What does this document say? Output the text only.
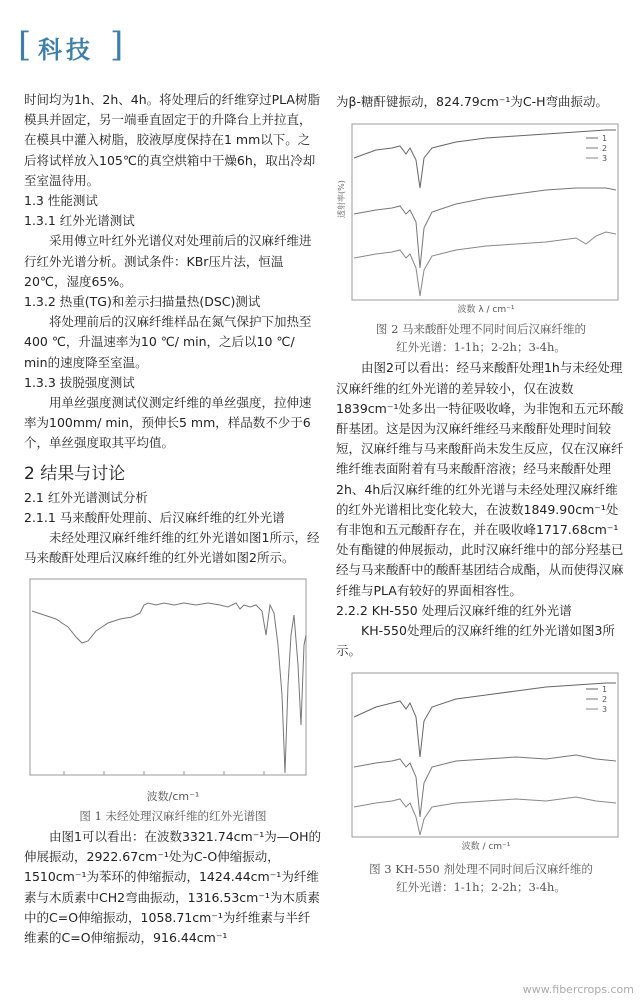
[ 科技 ]

时间均为1h、2h、4h。将处理后的纤维穿过PLA树脂模具并固定，另一端垂直固定于的升降台上并拉直，在模具中灌入树脂，胶液厚度保持在1 mm以下。之后将试样放入105℃的真空烘箱中干燥6h，取出冷却至室温待用。

1.3 性能测试

1.3.1 红外光谱测试

采用傅立叶红外光谱仪对处理前后的汉麻纤维进行红外光谱分析。测试条件：KBr压片法，恒温20℃，湿度65%。

1.3.2 热重(TG)和差示扫描量热(DSC)测试

将处理前后的汉麻纤维样品在氮气保护下加热至400 ℃，升温速率为10 ℃/ min，之后以10 ℃/ min的速度降至室温。

1.3.3 拔脱强度测试

用单丝强度测试仪测定纤维的单丝强度，拉伸速率为100mm/ min，预伸长5 mm，样品数不少于6个，单丝强度取其平均值。

2 结果与讨论

2.1 红外光谱测试分析

2.1.1 马来酸酐处理前、后汉麻纤维的红外光谱

未经处理汉麻纤维纤维的红外光谱如图1所示，经马来酸酐处理后汉麻纤维的红外光谱如图2所示。

波数/cm⁻¹

图 1 未经处理汉麻纤维的红外光谱图

由图1可以看出：在波数3321.74cm⁻¹为—OH的伸展振动，2922.67cm⁻¹处为C-O伸缩振动，1510cm⁻¹为苯环的伸缩振动，1424.44cm⁻¹为纤维素与木质素中CH2弯曲振动，1316.53cm⁻¹为木质素中的C=O伸缩振动，1058.71cm⁻¹为纤维素与半纤维素的C=O伸缩振动，916.44cm⁻¹

为β-糖酐键振动，824.79cm⁻¹为C-H弯曲振动。

透射率(%)
1
2
3
波数 λ / cm⁻¹

图 2 马来酸酐处理不同时间后汉麻纤维的

红外光谱：1-1h；2-2h；3-4h。

由图2可以看出：经马来酸酐处理1h与未经处理汉麻纤维的红外光谱的差异较小，仅在波数1839cm⁻¹处多出一特征吸收峰，为非饱和五元环酸酐基团。这是因为汉麻纤维经马来酸酐处理时间较短，汉麻纤维与马来酸酐尚未发生反应，仅在汉麻纤维纤维表面附着有马来酸酐溶液；经马来酸酐处理2h、4h后汉麻纤维的红外光谱与未经处理汉麻纤维的红外光谱相比变化较大，在波数1849.90cm⁻¹处有非饱和五元酸酐存在，并在吸收峰1717.68cm⁻¹处有酯键的伸展振动，此时汉麻纤维中的部分羟基已经与马来酸酐中的酸酐基团结合成酯，从而使得汉麻纤维与PLA有较好的界面相容性。

2.2.2 KH-550 处理后汉麻纤维的红外光谱

KH-550处理后的汉麻纤维的红外光谱如图3所示。

1
2
3
波数 / cm⁻¹

图 3 KH-550 剂处理不同时间后汉麻纤维的

红外光谱：1-1h；2-2h；3-4h。

www.fibercrops.com
